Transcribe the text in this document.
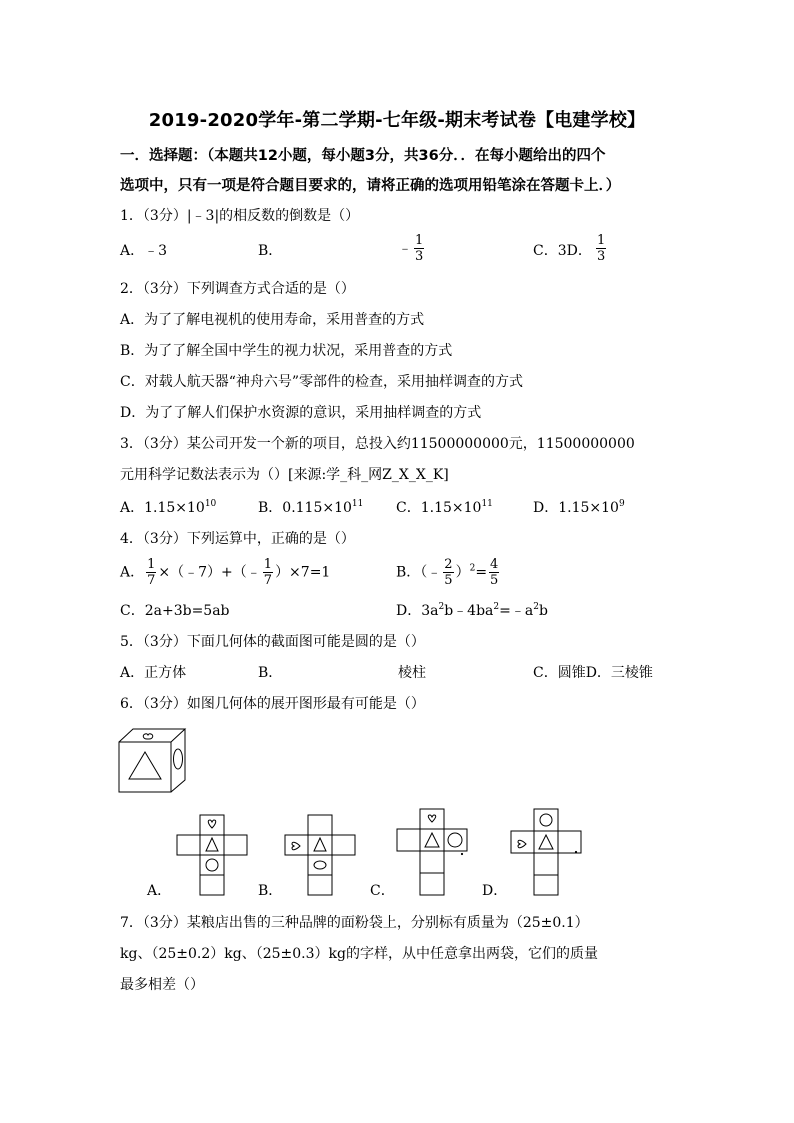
2019-2020学年-第二学期-七年级-期末考试卷【电建学校】
一．选择题：（本题共12小题，每小题3分，共36分．．在每小题给出的四个
选项中，只有一项是符合题目要求的，请将正确的选项用铅笔涂在答题卡上．）
1．（3分）|﹣3|的相反数的倒数是（）
A．﹣3	B．	﹣ $\frac{1}{3}$	C．3D． $\frac{1}{3}$
2．（3分）下列调查方式合适的是（）
A．为了了解电视机的使用寿命，采用普查的方式
B．为了了解全国中学生的视力状况，采用普查的方式
C．对载人航天器“神舟六号”零部件的检查，采用抽样调查的方式
D．为了了解人们保护水资源的意识，采用抽样调查的方式
3．（3分）某公司开发一个新的项目，总投入约11500000000元，11500000000
元用科学记数法表示为（）[来源:学_科_网Z_X_X_K]
A．$1.15\times 10^{10}$	B．$0.115\times 10^{11}$ C．$1.15\times 10^{11}$	D．$1.15\times 10^9$
4．（3分）下列运算中，正确的是（）
A． $\frac{1}{7}$ ×（﹣7）+（﹣ $\frac{1}{7} )\times 7=1$	B．（﹣ $\frac{2}{5} )^2= \frac{4}{5}$
C．2a+3b=5ab	D．$3a^2b﹣4ba^2=﹣a^2b$
5．（3分）下面几何体的截面图可能是圆的是（）
A．正方体	B．	棱柱	C．圆锥D．三棱锥
6．（3分）如图几何体的展开图形最有可能是（）
A．	B．	C．	D．
7．（3分）某粮店出售的三种品牌的面粉袋上，分别标有质量为（25±0.1）
kg、（25±0.2）kg、（25±0.3）kg的字样，从中任意拿出两袋，它们的质量
最多相差（）
